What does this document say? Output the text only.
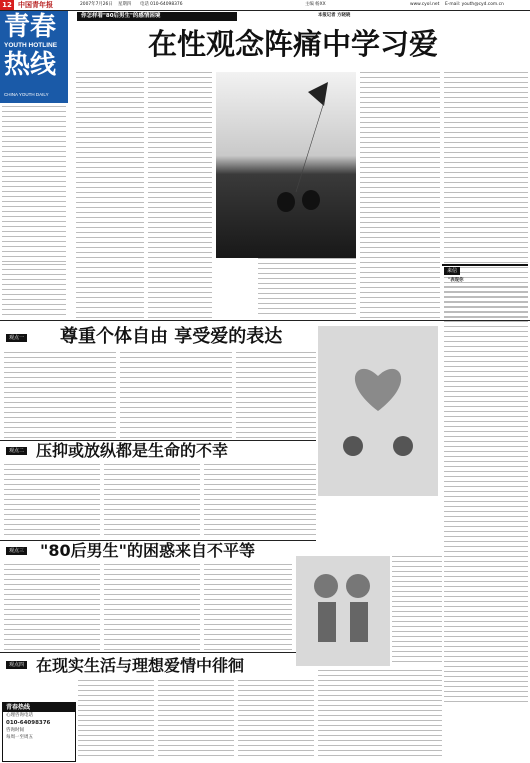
12 中国青年报	2007年7月26日 星期四 电话 010-64098376	主编 杨XX	www.cyol.net E-mail: youth@cyd.com.cn
青春
YOUTH HOTLINE
热线
CHINA YOUTH DAILY
你怎样看"80后男生"的感情困境	本报记者 方晓晓
在性观念阵痛中学习爱
观点一 尊重个体自由 享受爱的表达
来信
"表现你
观点二 压抑或放纵都是生命的不幸
观点三 "80后男生"的困惑来自不平等
在现实生活与理想爱情中徘徊
观点四
青春热线
心理咨询电话
010-64098376
咨询时间
每周一至周五
